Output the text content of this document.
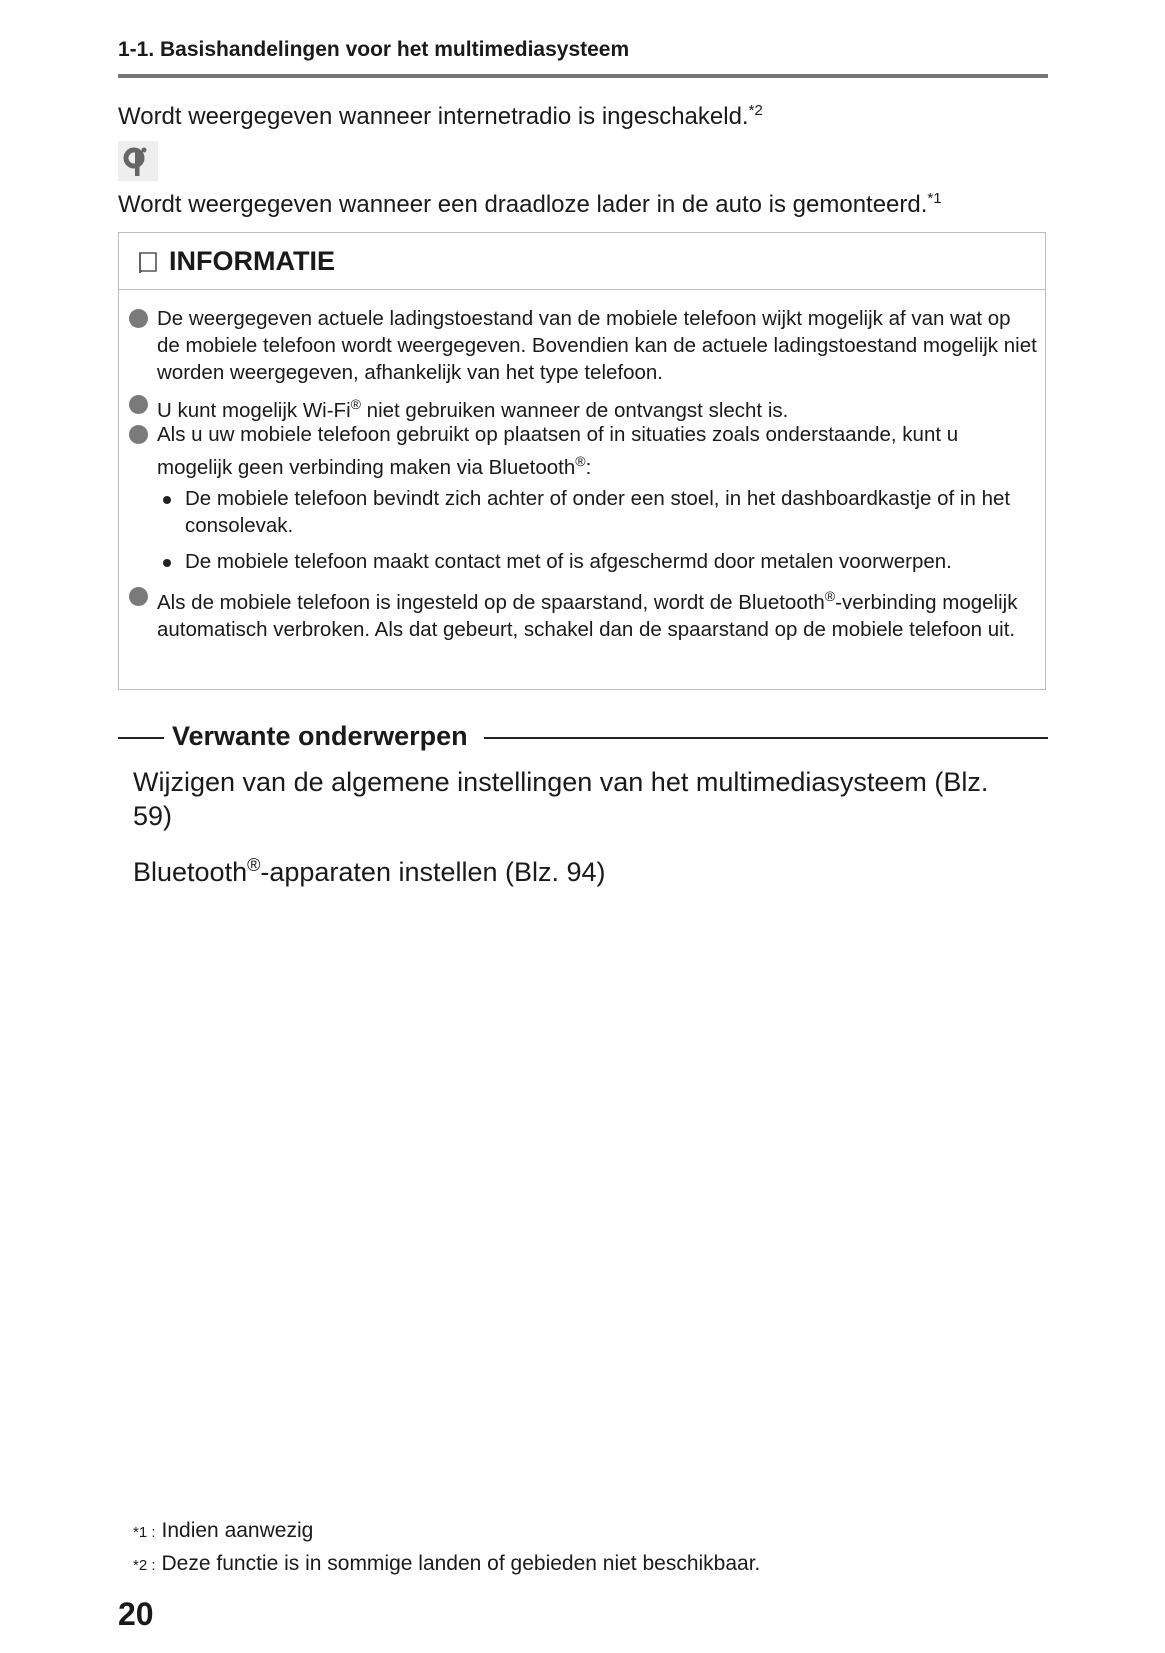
1-1. Basishandelingen voor het multimediasysteem
Wordt weergegeven wanneer internetradio is ingeschakeld.$^{*2}$
Wordt weergegeven wanneer een draadloze lader in de auto is gemonteerd.$^{*1}$
INFORMATIE
De weergegeven actuele ladingstoestand van de mobiele telefoon wijkt mogelijk af van wat op de mobiele telefoon wordt weergegeven. Bovendien kan de actuele ladingstoestand mogelijk niet worden weergegeven, afhankelijk van het type telefoon.
U kunt mogelijk Wi-Fi® niet gebruiken wanneer de ontvangst slecht is.
Als u uw mobiele telefoon gebruikt op plaatsen of in situaties zoals onderstaande, kunt u mogelijk geen verbinding maken via Bluetooth®:
De mobiele telefoon bevindt zich achter of onder een stoel, in het dashboardkastje of in het consolevak.
De mobiele telefoon maakt contact met of is afgeschermd door metalen voorwerpen.
Als de mobiele telefoon is ingesteld op de spaarstand, wordt de Bluetooth®-verbinding mogelijk automatisch verbroken. Als dat gebeurt, schakel dan de spaarstand op de mobiele telefoon uit.
Verwante onderwerpen
Wijzigen van de algemene instellingen van het multimediasysteem (Blz. 59)
Bluetooth®-apparaten instellen (Blz. 94)
*1 : Indien aanwezig
*2 : Deze functie is in sommige landen of gebieden niet beschikbaar.
20
